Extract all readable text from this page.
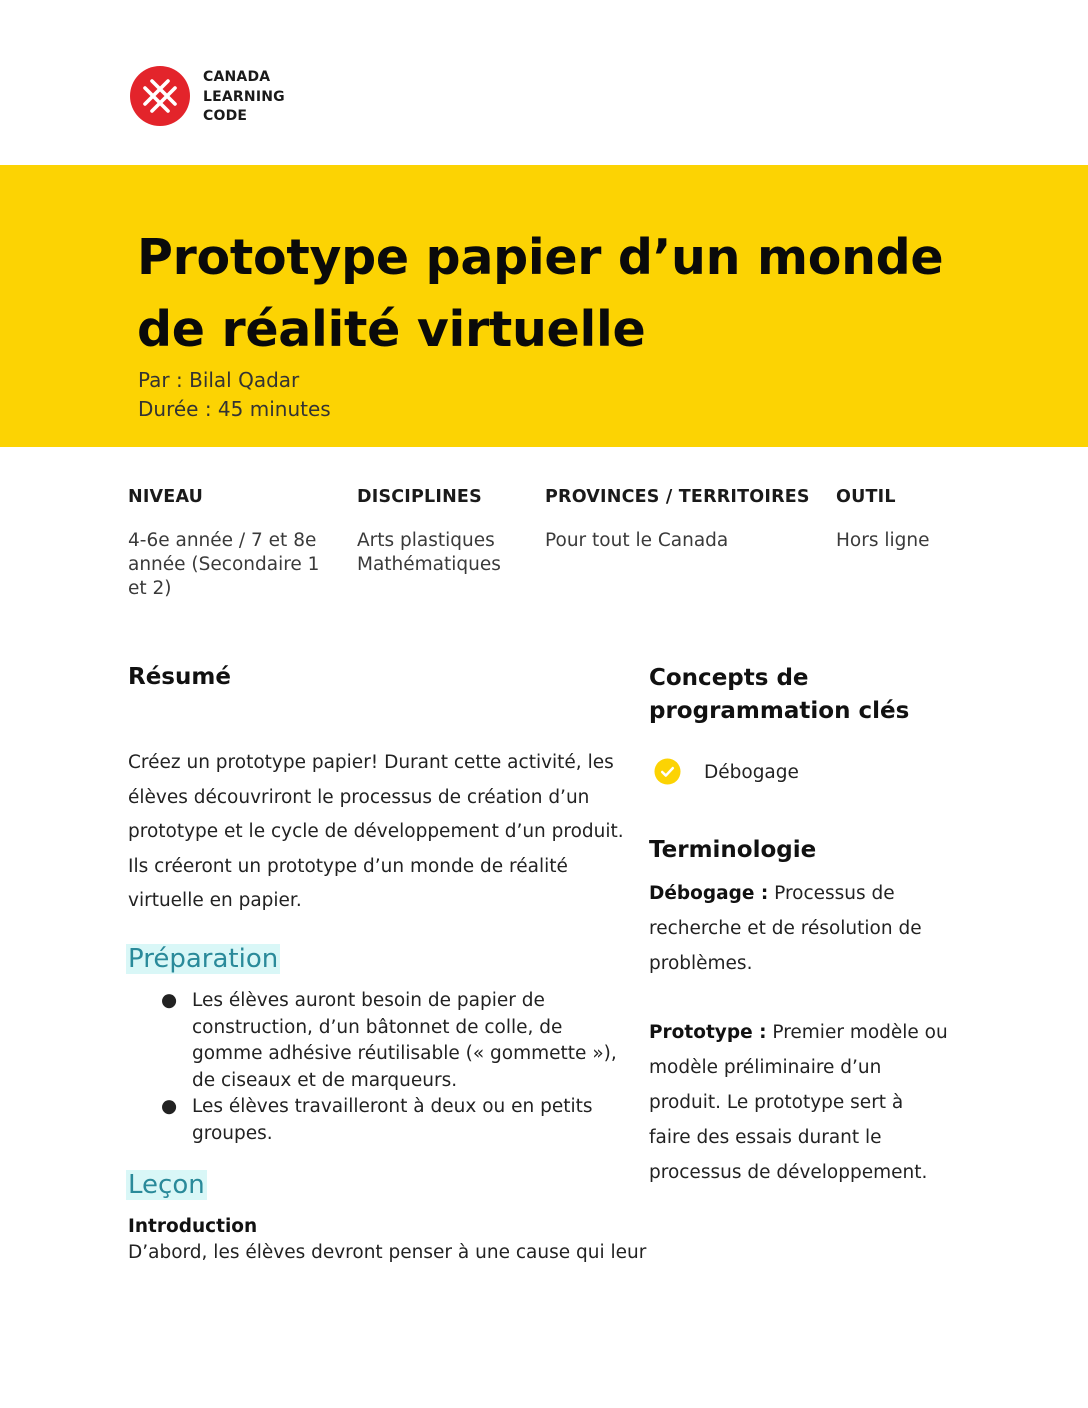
CANADA
LEARNING
CODE
Prototype papier d’un monde de réalité virtuelle
Par : Bilal Qadar
Durée : 45 minutes
NIVEAU
4-6e année / 7 et 8e année (Secondaire 1 et 2)
DISCIPLINES
Arts plastiques
Mathématiques
PROVINCES / TERRITOIRES
Pour tout le Canada
OUTIL
Hors ligne
Résumé
Créez un prototype papier! Durant cette activité, les élèves découvriront le processus de création d’un prototype et le cycle de développement d’un produit. Ils créeront un prototype d’un monde de réalité virtuelle en papier.
Préparation
● Les élèves auront besoin de papier de construction, d’un bâtonnet de colle, de gomme adhésive réutilisable (« gommette »), de ciseaux et de marqueurs.
● Les élèves travailleront à deux ou en petits groupes.
Leçon
Introduction
D’abord, les élèves devront penser à une cause qui leur
Concepts de programmation clés
Débogage
Terminologie
Débogage : Processus de recherche et de résolution de problèmes.
Prototype : Premier modèle ou modèle préliminaire d’un produit. Le prototype sert à faire des essais durant le processus de développement.
